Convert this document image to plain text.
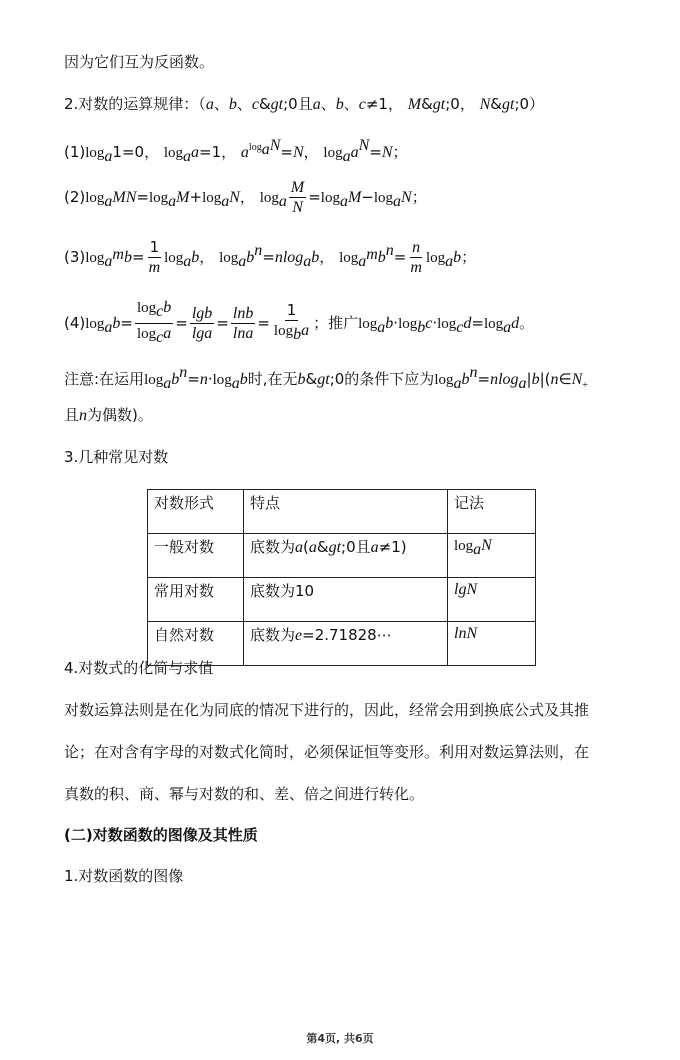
因为它们互为反函数。
2.对数的运算规律：（a、b、c&gt;0且a、b、c≠1， M&gt;0， N&gt;0）
$(1)\log_a1=0$， $\log_aa=1$， $a^{log_aN}=N$， $\log_aa^N=N$；
$(2)\log_aMN=\log_aM+\log_aN$， $\log_a \frac{M}{N} =\log_aM-\log_aN$；
$(3)\log_{a^m}b= \frac{1}{m} \log_ab$， $\log_ab^n=nlog_ab$， $\log_{a^m}b^n= \frac{n}{m} \log_ab$；
$(4)\log_ab= \frac{\log_cb}{\log_ca} = \frac{\lg b}{\lg a} = \frac{\ln b}{\ln a} = \frac{1}{\log_ba}$ ；推广$\log_ab\cdot\log_bc\cdot\log_cd=\log_ad$。
注意:在运用$\log_ab^n=n\cdot\log_ab$时,在无b&gt;0的条件下应为$\log_ab^n=nlog_a|b|(n\in N_+$
且n为偶数)。
3.几种常见对数
对数形式	特点	记法
一般对数	底数为a(a&gt;0且a≠1)	$\log_aN$
常用对数	底数为10	lgN
自然对数	底数为e=2.71828⋯	lnN
4.对数式的化简与求值
对数运算法则是在化为同底的情况下进行的，因此，经常会用到换底公式及其推
论；在对含有字母的对数式化简时，必须保证恒等变形。利用对数运算法则，在
真数的积、商、幂与对数的和、差、倍之间进行转化。
(二)对数函数的图像及其性质
1.对数函数的图像
第4页, 共6页
